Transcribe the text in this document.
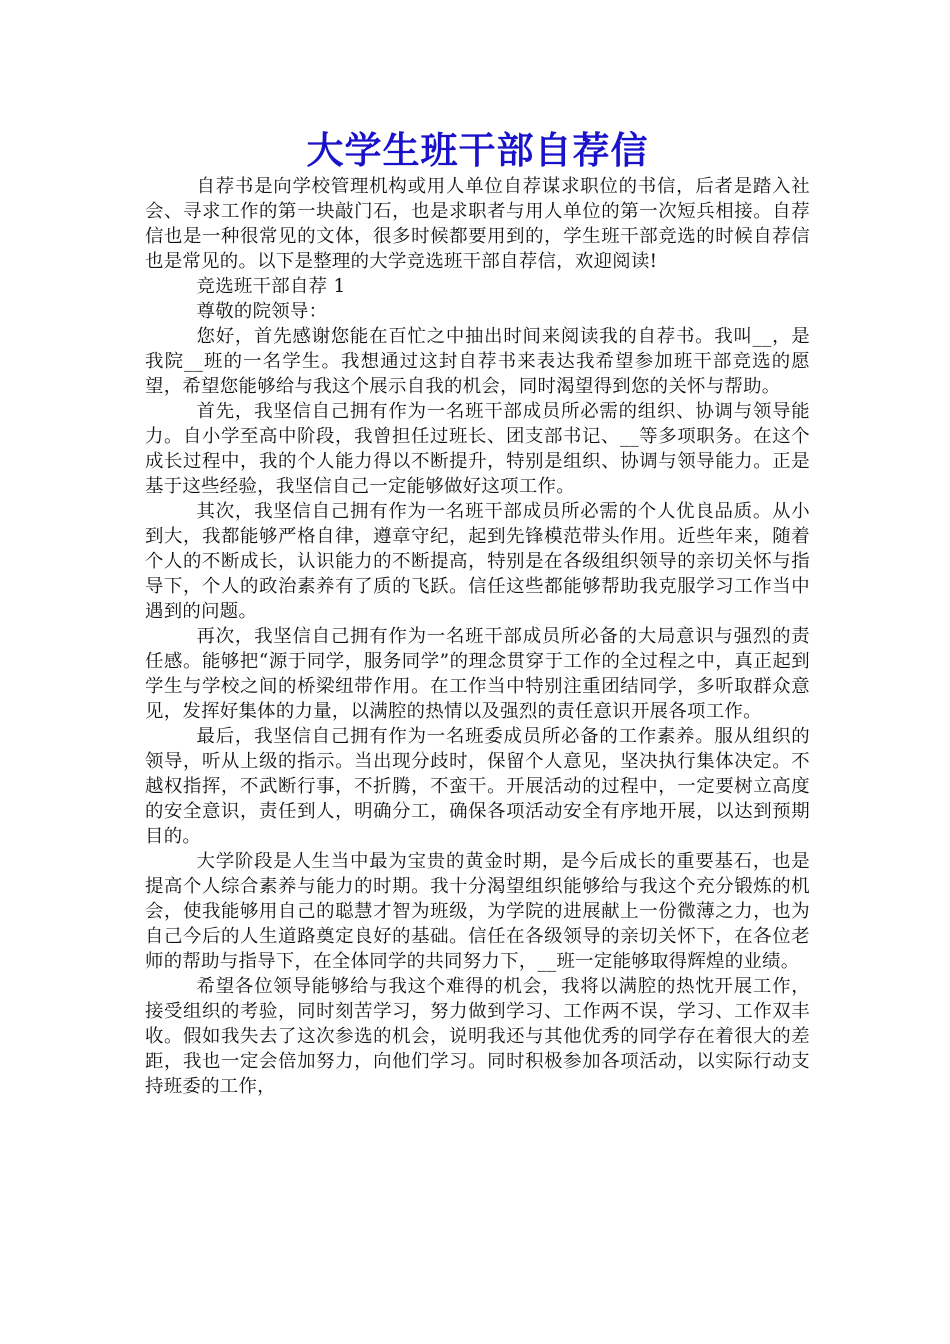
大学生班干部自荐信

自荐书是向学校管理机构或用人单位自荐谋求职位的书信，后者是踏入社会、寻求工作的第一块敲门石，也是求职者与用人单位的第一次短兵相接。自荐信也是一种很常见的文体，很多时候都要用到的，学生班干部竞选的时候自荐信也是常见的。以下是整理的大学竞选班干部自荐信，欢迎阅读!

竞选班干部自荐 1

尊敬的院领导：

您好，首先感谢您能在百忙之中抽出时间来阅读我的自荐书。我叫__，是我院__班的一名学生。我想通过这封自荐书来表达我希望参加班干部竞选的愿望，希望您能够给与我这个展示自我的机会，同时渴望得到您的关怀与帮助。

首先，我坚信自己拥有作为一名班干部成员所必需的组织、协调与领导能力。自小学至高中阶段，我曾担任过班长、团支部书记、__等多项职务。在这个成长过程中，我的个人能力得以不断提升，特别是组织、协调与领导能力。正是基于这些经验，我坚信自己一定能够做好这项工作。

其次，我坚信自己拥有作为一名班干部成员所必需的个人优良品质。从小到大，我都能够严格自律，遵章守纪，起到先锋模范带头作用。近些年来，随着个人的不断成长，认识能力的不断提高，特别是在各级组织领导的亲切关怀与指导下，个人的政治素养有了质的飞跃。信任这些都能够帮助我克服学习工作当中遇到的问题。

再次，我坚信自己拥有作为一名班干部成员所必备的大局意识与强烈的责任感。能够把“源于同学，服务同学”的理念贯穿于工作的全过程之中，真正起到学生与学校之间的桥梁纽带作用。在工作当中特别注重团结同学，多听取群众意见，发挥好集体的力量，以满腔的热情以及强烈的责任意识开展各项工作。

最后，我坚信自己拥有作为一名班委成员所必备的工作素养。服从组织的领导，听从上级的指示。当出现分歧时，保留个人意见，坚决执行集体决定。不越权指挥，不武断行事，不折腾，不蛮干。开展活动的过程中，一定要树立高度的安全意识，责任到人，明确分工，确保各项活动安全有序地开展，以达到预期目的。

大学阶段是人生当中最为宝贵的黄金时期，是今后成长的重要基石，也是提高个人综合素养与能力的时期。我十分渴望组织能够给与我这个充分锻炼的机会，使我能够用自己的聪慧才智为班级，为学院的进展献上一份微薄之力，也为自己今后的人生道路奠定良好的基础。信任在各级领导的亲切关怀下，在各位老师的帮助与指导下，在全体同学的共同努力下，__班一定能够取得辉煌的业绩。

希望各位领导能够给与我这个难得的机会，我将以满腔的热忱开展工作，接受组织的考验，同时刻苦学习，努力做到学习、工作两不误，学习、工作双丰收。假如我失去了这次参选的机会，说明我还与其他优秀的同学存在着很大的差距，我也一定会倍加努力，向他们学习。同时积极参加各项活动，以实际行动支持班委的工作，
